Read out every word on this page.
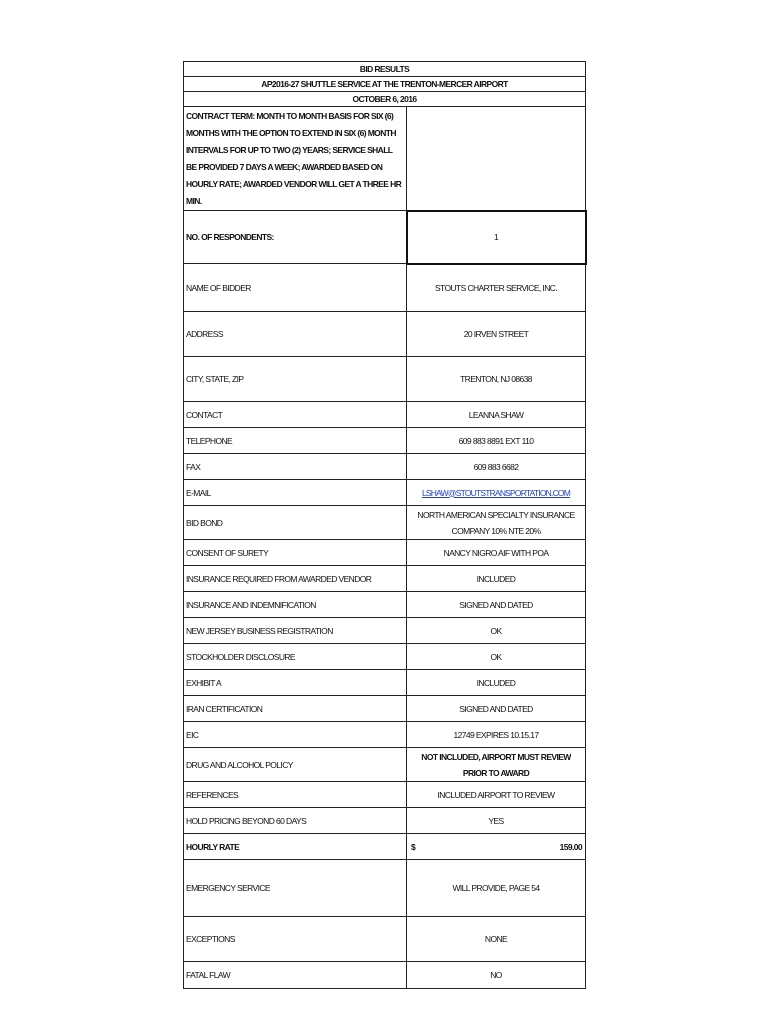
BID RESULTS	
AP2016-27 SHUTTLE SERVICE AT THE TRENTON-MERCER AIRPORT	
OCTOBER 6, 2016	
CONTRACT TERM: MONTH TO MONTH BASIS FOR SIX (6) MONTHS WITH THE OPTION TO EXTEND IN SIX (6) MONTH INTERVALS FOR UP TO TWO (2) YEARS; SERVICE SHALL BE PROVIDED 7 DAYS A WEEK; AWARDED BASED ON HOURLY RATE; AWARDED VENDOR WILL GET A THREE HR MIN.	
NO. OF RESPONDENTS:	1
NAME OF BIDDER	STOUTS CHARTER SERVICE, INC.
ADDRESS	20 IRVEN STREET
CITY, STATE, ZIP	TRENTON, NJ 08638
CONTACT	LEANNA SHAW
TELEPHONE	609 883 8891 EXT 110
FAX	609 883 6682
E-MAIL	LSHAW@STOUTSTRANSPORTATION.COM
BID BOND	NORTH AMERICAN SPECIALTY INSURANCE COMPANY 10% NTE 20%
CONSENT OF SURETY	NANCY NIGRO AIF WITH POA
INSURANCE REQUIRED FROM AWARDED VENDOR	INCLUDED
INSURANCE AND INDEMNIFICATION	SIGNED AND DATED
NEW JERSEY BUSINESS REGISTRATION	OK
STOCKHOLDER DISCLOSURE	OK
EXHIBIT A	INCLUDED
IRAN CERTIFICATION	SIGNED AND DATED
EIC	12749 EXPIRES 10.15.17
DRUG AND ALCOHOL POLICY	NOT INCLUDED, AIRPORT MUST REVIEW PRIOR TO AWARD
REFERENCES	INCLUDED AIRPORT TO REVIEW
HOLD PRICING BEYOND 60 DAYS	YES
HOURLY RATE	$ 159.00

EMERGENCY SERVICE	WILL PROVIDE, PAGE 54
EXCEPTIONS	NONE
FATAL FLAW	NO
